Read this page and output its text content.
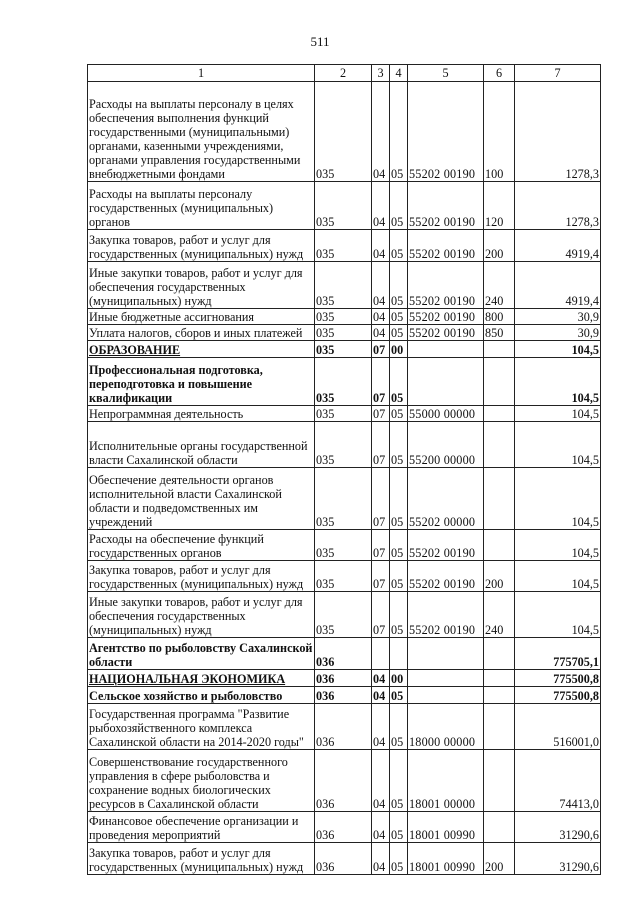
511
1	2	3	4	5	6	7
Расходы на выплаты персоналу в целях обеспечения выполнения функций государственными (муниципальными) органами, казенными учреждениями, органами управления государственными внебюджетными фондами	035	04	05	55202 00190	100	1278,3
Расходы на выплаты персоналу государственных (муниципальных) органов	035	04	05	55202 00190	120	1278,3
Закупка товаров, работ и услуг для государственных (муниципальных) нужд	035	04	05	55202 00190	200	4919,4
Иные закупки товаров, работ и услуг для обеспечения государственных (муниципальных) нужд	035	04	05	55202 00190	240	4919,4
Иные бюджетные ассигнования	035	04	05	55202 00190	800	30,9
Уплата налогов, сборов и иных платежей	035	04	05	55202 00190	850	30,9
ОБРАЗОВАНИЕ	035	07	00			104,5
Профессиональная подготовка, переподготовка и повышение квалификации	035	07	05			104,5
Непрограммная деятельность	035	07	05	55000 00000		104,5
Исполнительные органы государственной власти Сахалинской области	035	07	05	55200 00000		104,5
Обеспечение деятельности органов исполнительной власти Сахалинской области и подведомственных им учреждений	035	07	05	55202 00000		104,5
Расходы на обеспечение функций государственных органов	035	07	05	55202 00190		104,5
Закупка товаров, работ и услуг для государственных (муниципальных) нужд	035	07	05	55202 00190	200	104,5
Иные закупки товаров, работ и услуг для обеспечения государственных (муниципальных) нужд	035	07	05	55202 00190	240	104,5
Агентство по рыболовству Сахалинской области	036					775705,1
НАЦИОНАЛЬНАЯ ЭКОНОМИКА	036	04	00			775500,8
Сельское хозяйство и рыболовство	036	04	05			775500,8
Государственная программа "Развитие рыбохозяйственного комплекса Сахалинской области на 2014-2020 годы"	036	04	05	18000 00000		516001,0
Совершенствование государственного управления в сфере рыболовства и сохранение водных биологических ресурсов в Сахалинской области	036	04	05	18001 00000		74413,0
Финансовое обеспечение организации и проведения мероприятий	036	04	05	18001 00990		31290,6
Закупка товаров, работ и услуг для государственных (муниципальных) нужд	036	04	05	18001 00990	200	31290,6
